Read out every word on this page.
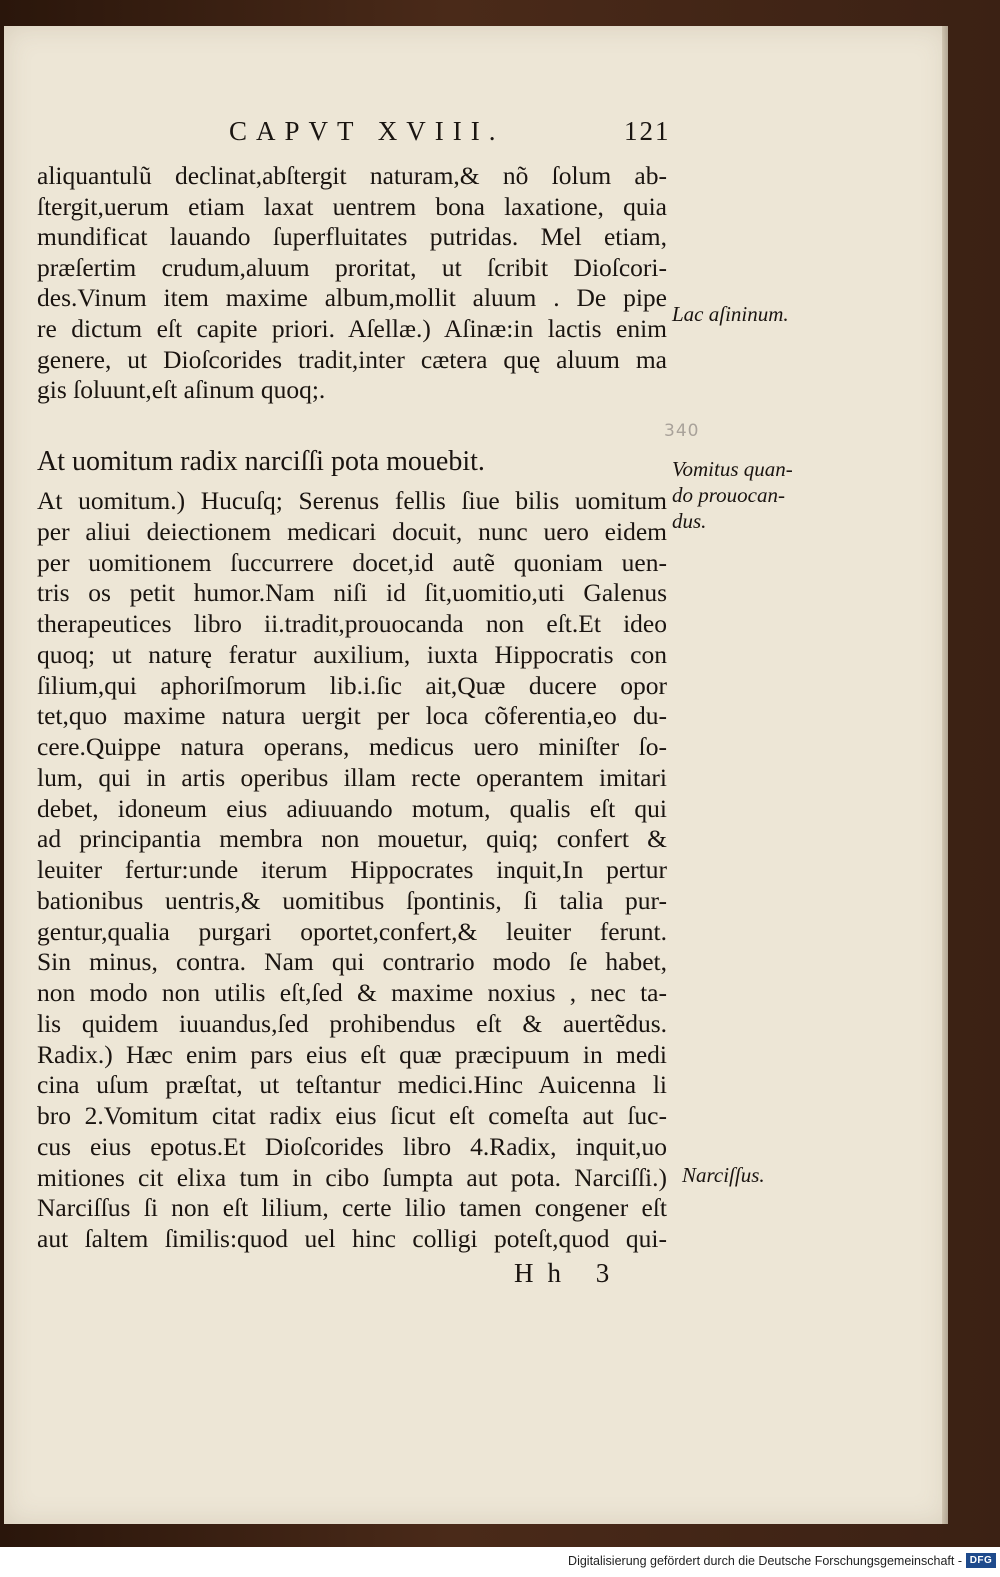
CAPVT XVIII.	121
aliquantulũ declinat,abſtergit naturam,& nõ ſolum ab-
ſtergit,uerum etiam laxat uentrem bona laxatione, quia
mundificat lauando ſuperfluitates putridas. Mel etiam,
præſertim crudum,aluum proritat, ut ſcribit Dioſcori-
des.Vinum item maxime album,mollit aluum . De pipe
re dictum eſt capite priori. Aſellæ.) Aſinæ:in lactis enim
genere, ut Dioſcorides tradit,inter cætera quę aluum ma
gis ſoluunt,eſt aſinum quoq;.
At uomitum radix narciſſi pota mouebit.
340
At uomitum.) Hucuſq; Serenus fellis ſiue bilis uomitum
per aliui deiectionem medicari docuit, nunc uero eidem
per uomitionem ſuccurrere docet,id autẽ quoniam uen-
tris os petit humor.Nam niſi id ſit,uomitio,uti Galenus
therapeutices libro ii.tradit,prouocanda non eſt.Et ideo
quoq; ut naturę feratur auxilium, iuxta Hippocratis con
ſilium,qui aphoriſmorum lib.i.ſic ait,Quæ ducere opor
tet,quo maxime natura uergit per loca cõferentia,eo du-
cere.Quippe natura operans, medicus uero miniſter ſo-
lum, qui in artis operibus illam recte operantem imitari
debet, idoneum eius adiuuando motum, qualis eſt qui
ad principantia membra non mouetur, quiq; confert &
leuiter fertur:unde iterum Hippocrates inquit,In pertur
bationibus uentris,& uomitibus ſpontinis, ſi talia pur-
gentur,qualia purgari oportet,confert,& leuiter ferunt.
Sin minus, contra. Nam qui contrario modo ſe habet,
non modo non utilis eſt,ſed & maxime noxius , nec ta-
lis quidem iuuandus,ſed prohibendus eſt & auertẽdus.
Radix.) Hæc enim pars eius eſt quæ præcipuum in medi
cina uſum præſtat, ut teſtantur medici.Hinc Auicenna li
bro 2.Vomitum citat radix eius ſicut eſt comeſta aut ſuc-
cus eius epotus.Et Dioſcorides libro 4.Radix, inquit,uo
mitiones cit elixa tum in cibo ſumpta aut pota. Narciſſi.)
Narciſſus ſi non eſt lilium, certe lilio tamen congener eſt
aut ſaltem ſimilis:quod uel hinc colligi poteſt,quod qui-
Lac aſininum.
Vomitus quan-
do prouocan-
dus.
Narciſſus.
Hh 3
Digitalisierung gefördert durch die Deutsche Forschungsgemeinschaft - DFG
